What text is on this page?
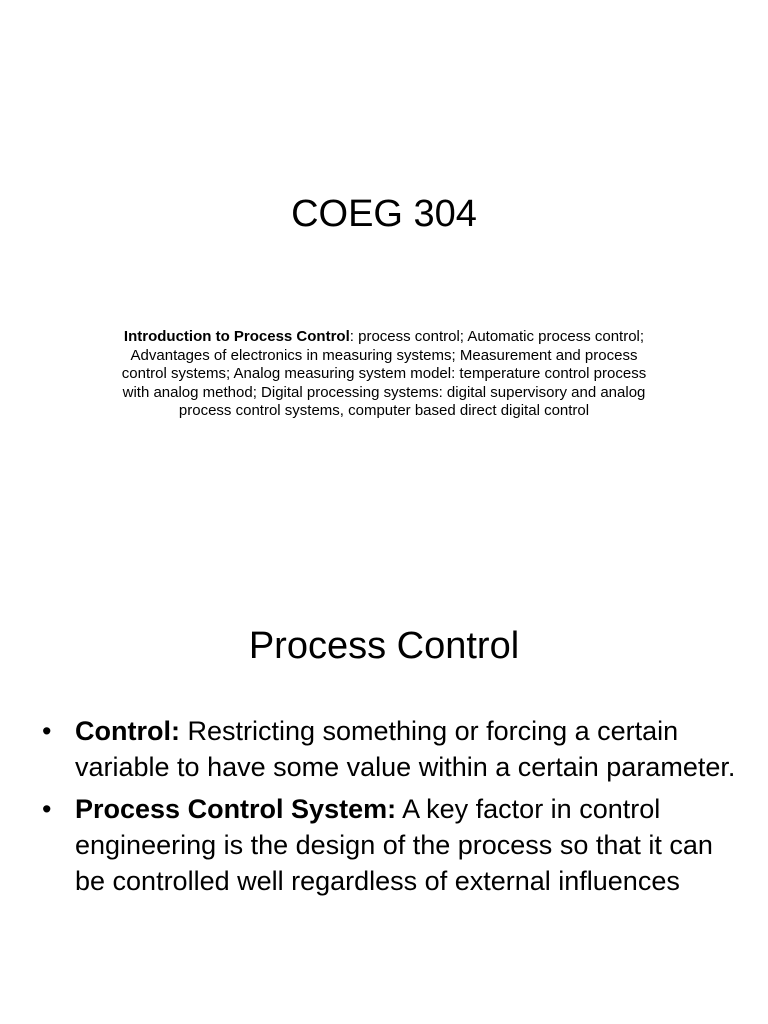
COEG 304
Introduction to Process Control: process control; Automatic process control; Advantages of electronics in measuring systems; Measurement and process control systems; Analog measuring system model: temperature control process with analog method; Digital processing systems: digital supervisory and analog process control systems, computer based direct digital control
Process Control
• Control: Restricting something or forcing a certain variable to have some value within a certain parameter.
• Process Control System: A key factor in control engineering is the design of the process so that it can be controlled well regardless of external influences
